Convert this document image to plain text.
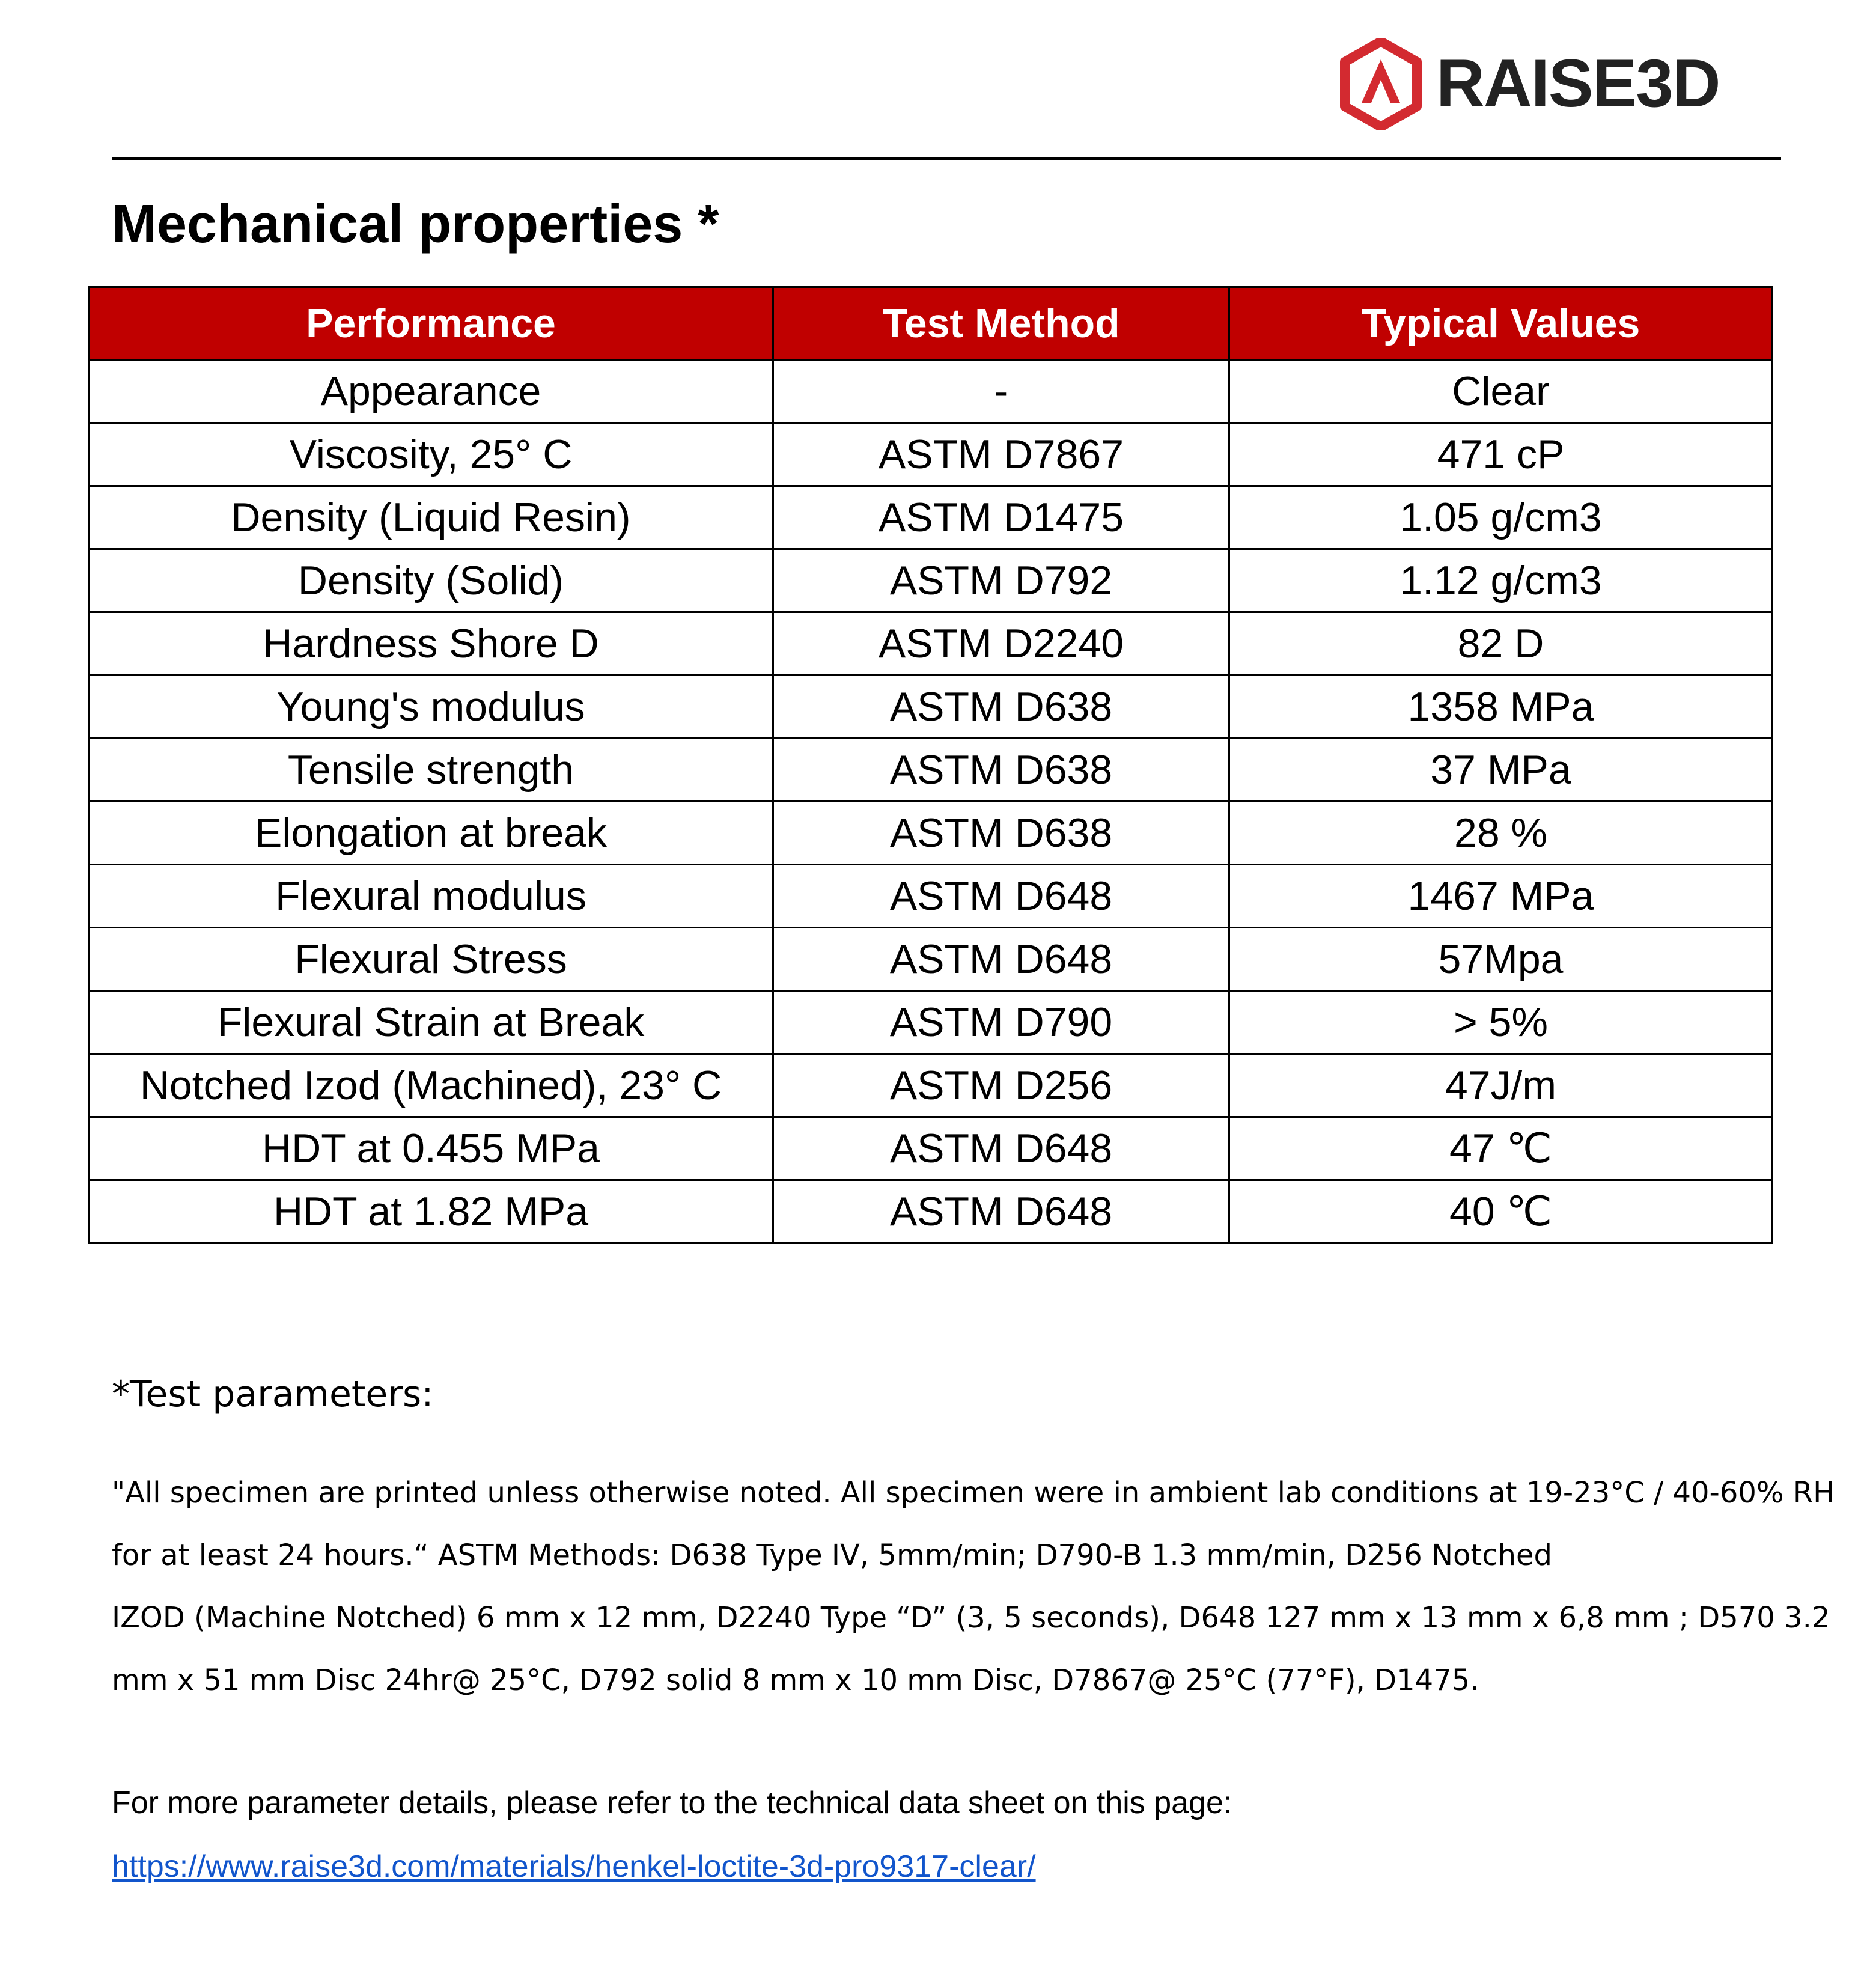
RAISE3D
Mechanical properties *
Performance	Test Method	Typical Values
Appearance	-	Clear
Viscosity, 25° C	ASTM D7867	471 cP
Density (Liquid Resin)	ASTM D1475	1.05 g/cm3
Density (Solid)	ASTM D792	1.12 g/cm3
Hardness Shore D	ASTM D2240	82 D
Young's modulus	ASTM D638	1358 MPa
Tensile strength	ASTM D638	37 MPa
Elongation at break	ASTM D638	28 %
Flexural modulus	ASTM D648	1467 MPa
Flexural Stress	ASTM D648	57Mpa
Flexural Strain at Break	ASTM D790	> 5%
Notched Izod (Machined), 23° C	ASTM D256	47J/m
HDT at 0.455 MPa	ASTM D648	47 ℃
HDT at 1.82 MPa	ASTM D648	40 ℃

*Test parameters:

"All specimen are printed unless otherwise noted. All specimen were in ambient lab conditions at 19-23°C / 40-60% RH
for at least 24 hours.“ ASTM Methods: D638 Type IV, 5mm/min; D790-B 1.3 mm/min, D256 Notched
IZOD (Machine Notched) 6 mm x 12 mm, D2240 Type “D” (3, 5 seconds), D648 127 mm x 13 mm x 6,8 mm ; D570 3.2
mm x 51 mm Disc 24hr@ 25°C, D792 solid 8 mm x 10 mm Disc, D7867@ 25°C (77°F), D1475.
For more parameter details, please refer to the technical data sheet on this page:
https://www.raise3d.com/materials/henkel-loctite-3d-pro9317-clear/
